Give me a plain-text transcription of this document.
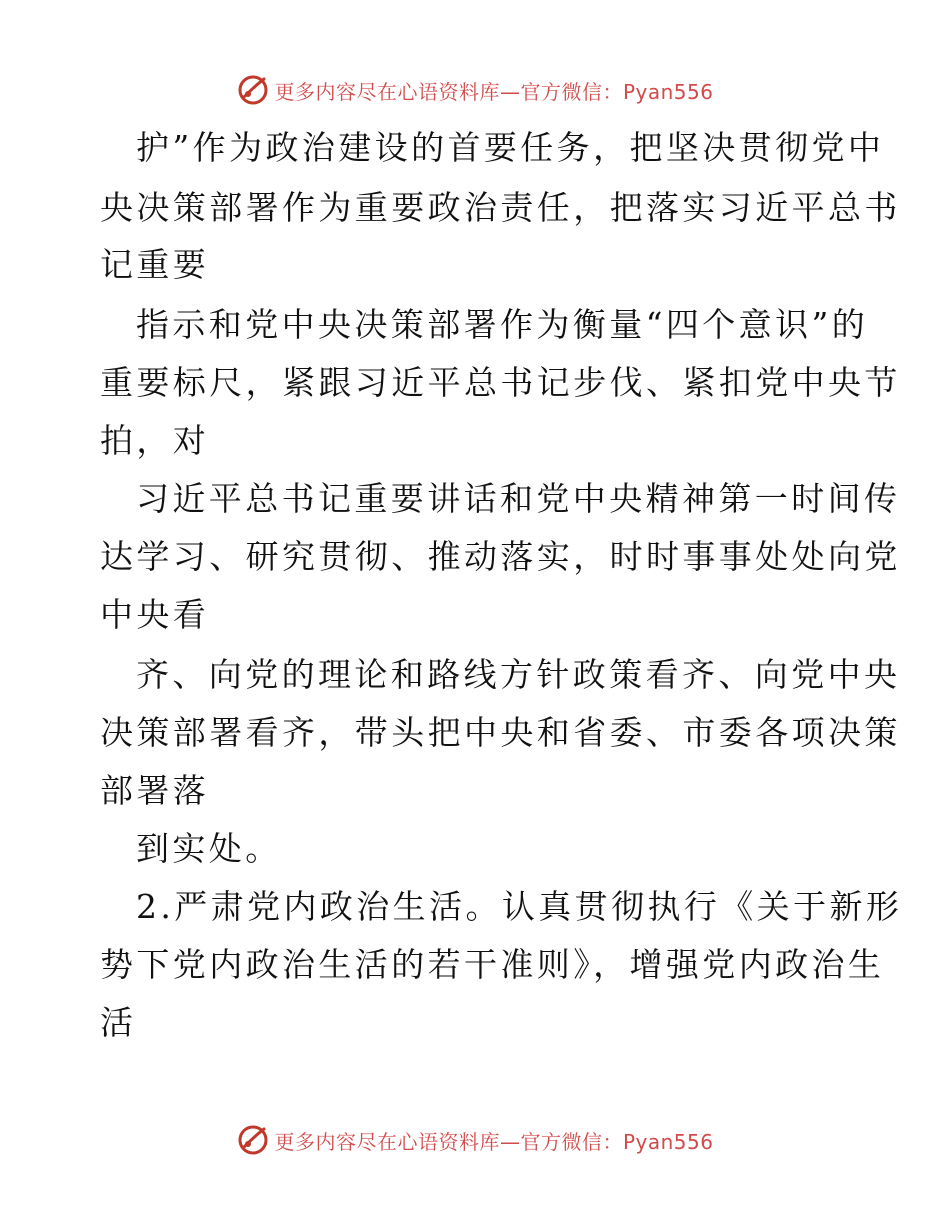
更多内容尽在心语资料库—官方微信：Pyan556
护”作为政治建设的首要任务，把坚决贯彻党中
央决策部署作为重要政治责任，把落实习近平总书
记重要
指示和党中央决策部署作为衡量“四个意识”的
重要标尺，紧跟习近平总书记步伐、紧扣党中央节
拍，对
习近平总书记重要讲话和党中央精神第一时间传
达学习、研究贯彻、推动落实，时时事事处处向党
中央看
齐、向党的理论和路线方针政策看齐、向党中央
决策部署看齐，带头把中央和省委、市委各项决策
部署落
到实处。
2.严肃党内政治生活。认真贯彻执行《关于新形
势下党内政治生活的若干准则》，增强党内政治生
活
更多内容尽在心语资料库—官方微信：Pyan556
